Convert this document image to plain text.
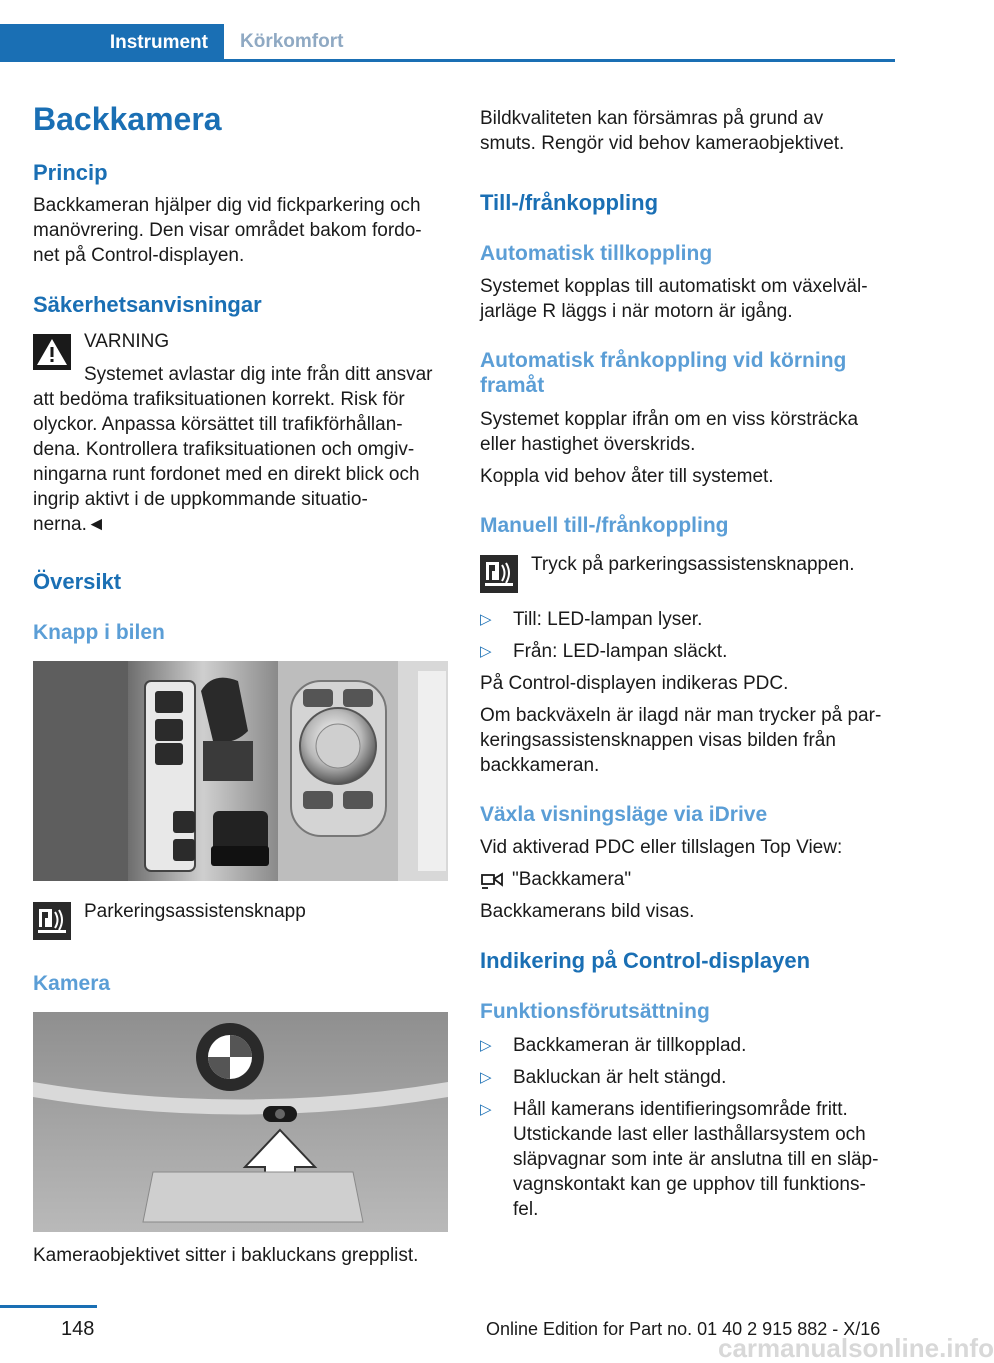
Instrument	Körkomfort
Backkamera
Princip
Backkameran hjälper dig vid fickparkering och
manövrering. Den visar området bakom fordo‐
net på Control-displayen.
Säkerhetsanvisningar
VARNING
Systemet avlastar dig inte från ditt ansvar
att bedöma trafiksituationen korrekt. Risk för
olyckor. Anpassa körsättet till trafikförhållan‐
dena. Kontrollera trafiksituationen och omgiv‐
ningarna runt fordonet med en direkt blick och
ingrip aktivt i de uppkommande situatio‐
nerna.◄
Översikt
Knapp i bilen
Parkeringsassistensknapp
Kamera
Kameraobjektivet sitter i bakluckans grepplist.
Bildkvaliteten kan försämras på grund av
smuts. Rengör vid behov kameraobjektivet.
Till-/frånkoppling
Automatisk tillkoppling
Systemet kopplas till automatiskt om växelväl‐
jarläge R läggs i när motorn är igång.
Automatisk frånkoppling vid körning
framåt
Systemet kopplar ifrån om en viss körsträcka
eller hastighet överskrids.
Koppla vid behov åter till systemet.
Manuell till-/frånkoppling
Tryck på parkeringsassistensknappen.
▷	Till: LED-lampan lyser.
▷	Från: LED-lampan släckt.
På Control-displayen indikeras PDC.
Om backväxeln är ilagd när man trycker på par‐
keringsassistensknappen visas bilden från
backkameran.
Växla visningsläge via iDrive
Vid aktiverad PDC eller tillslagen Top View:
"Backkamera"
Backkamerans bild visas.
Indikering på Control-displayen
Funktionsförutsättning
▷	Backkameran är tillkopplad.
▷	Bakluckan är helt stängd.
▷	Håll kamerans identifieringsområde fritt.
Utstickande last eller lasthållarsystem och
släpvagnar som inte är anslutna till en släp‐
vagnskontakt kan ge upphov till funktions‐
fel.
148	Online Edition for Part no. 01 40 2 915 882 - X/16
carmanualsonline.info
